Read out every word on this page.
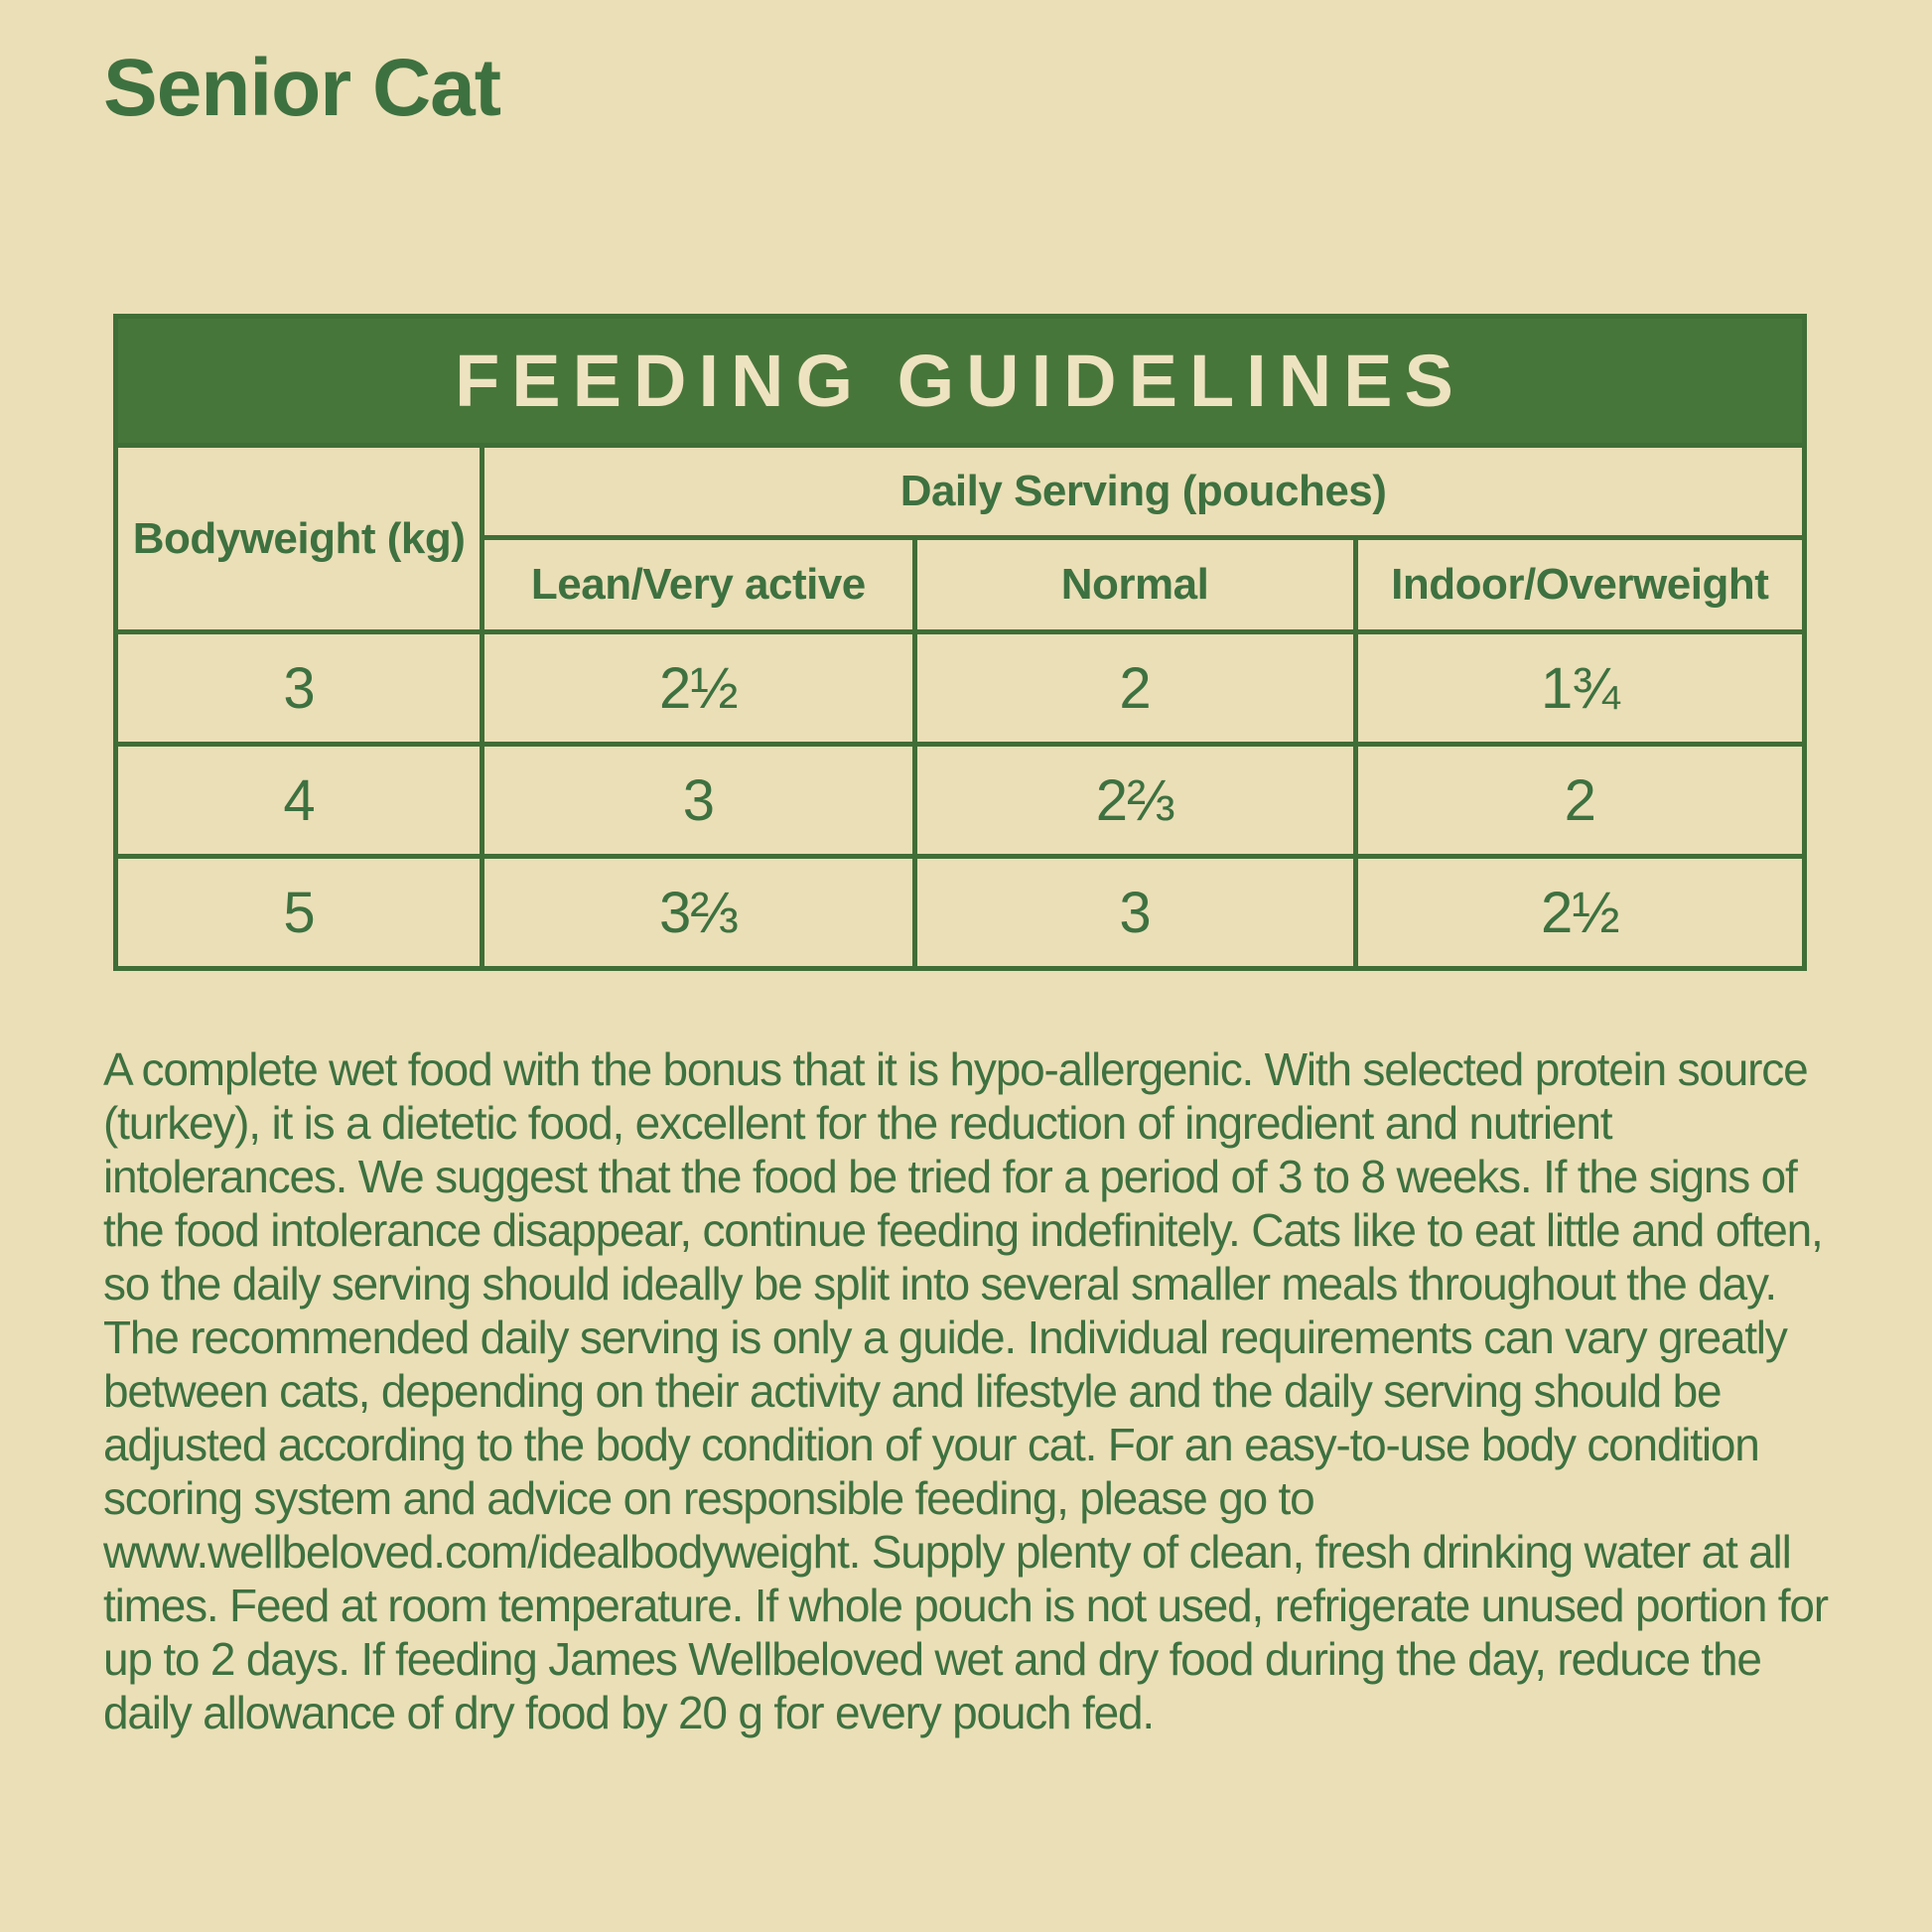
Senior Cat
FEEDING GUIDELINES			
Bodyweight (kg)	Daily Serving (pouches)		
	Lean/Very active	Normal	Indoor/Overweight
3	2½	2	1¾
4	3	2⅔	2
5	3⅔	3	2½

A complete wet food with the bonus that it is hypo-allergenic. With selected protein source (turkey), it is a dietetic food, excellent for the reduction of ingredient and nutrient intolerances. We suggest that the food be tried for a period of 3 to 8 weeks. If the signs of the food intolerance disappear, continue feeding indefinitely. Cats like to eat little and often, so the daily serving should ideally be split into several smaller meals throughout the day. The recommended daily serving is only a guide. Individual requirements can vary greatly between cats, depending on their activity and lifestyle and the daily serving should be adjusted according to the body condition of your cat. For an easy-to-use body condition scoring system and advice on responsible feeding, please go to www.wellbeloved.com/idealbodyweight. Supply plenty of clean, fresh drinking water at all times. Feed at room temperature. If whole pouch is not used, refrigerate unused portion for up to 2 days. If feeding James Wellbeloved wet and dry food during the day, reduce the daily allowance of dry food by 20 g for every pouch fed.
